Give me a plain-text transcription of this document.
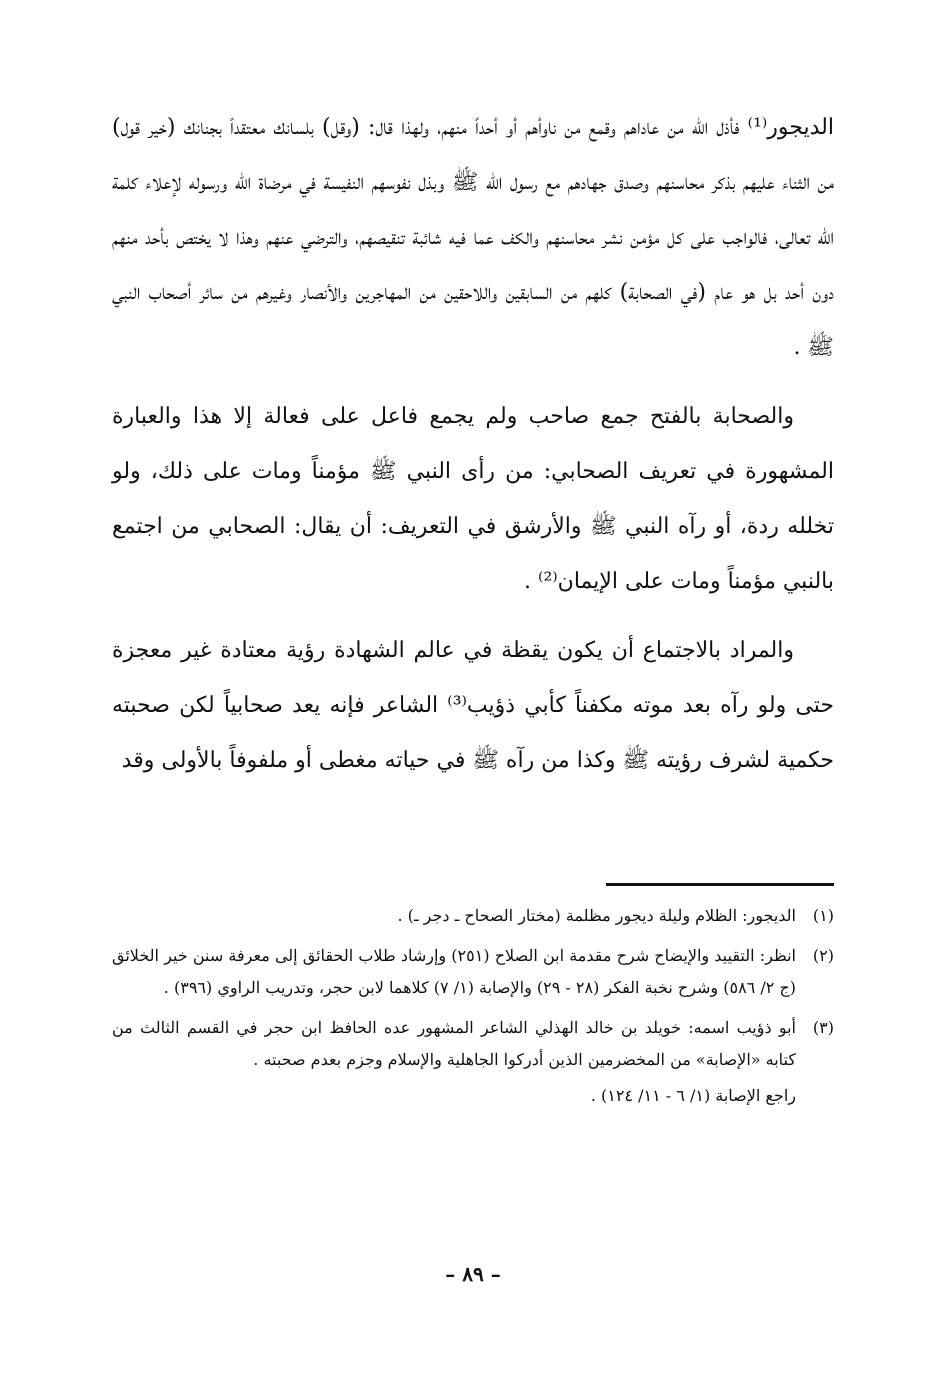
الديجور⁽¹⁾ فأذل الله من عاداهم وقمع من ناوأهم أو أحداً منهم، ولهذا قال: (وقل) بلسانك معتقداً بجنانك (خير قول) من الثناء عليهم بذكر محاسنهم وصدق جهادهم مع رسول الله ﷺ وبذل نفوسهم النفيسة في مرضاة الله ورسوله لإعلاء كلمة الله تعالى، فالواجب على كل مؤمن نشر محاسنهم والكف عما فيه شائبة تنقيصهم، والترضي عنهم وهذا لا يختص بأحد منهم دون أحد بل هو عام (في الصحابة) كلهم من السابقين واللاحقين من المهاجرين والأنصار وغيرهم من سائر أصحاب النبي ﷺ .

والصحابة بالفتح جمع صاحب ولم يجمع فاعل على فعالة إلا هذا والعبارة المشهورة في تعريف الصحابي: من رأى النبي ﷺ مؤمناً ومات على ذلك، ولو تخلله ردة، أو رآه النبي ﷺ والأرشق في التعريف: أن يقال: الصحابي من اجتمع بالنبي مؤمناً ومات على الإيمان⁽²⁾ .

والمراد بالاجتماع أن يكون يقظة في عالم الشهادة رؤية معتادة غير معجزة حتى ولو رآه بعد موته مكفناً كأبي ذؤيب⁽³⁾ الشاعر فإنه يعد صحابياً لكن صحبته حكمية لشرف رؤيته ﷺ وكذا من رآه ﷺ في حياته مغطى أو ملفوفاً بالأولى وقد

(١)
الديجور: الظلام وليلة ديجور مظلمة (مختار الصحاح ـ دجر ـ) .
(٢)
انظر: التقييد والإيضاح شرح مقدمة ابن الصلاح (٢٥١) وإرشاد طلاب الحقائق إلى معرفة سنن خير الخلائق (ج ٢/ ٥٨٦) وشرح نخبة الفكر (٢٨ - ٢٩) والإصابة (١/ ٧) كلاهما لابن حجر، وتدريب الراوي (٣٩٦) .
(٣)
أبو ذؤيب اسمه: خويلد بن خالد الهذلي الشاعر المشهور عده الحافظ ابن حجر في القسم الثالث من كتابه «الإصابة» من المخضرمين الذين أدركوا الجاهلية والإسلام وجزم بعدم صحبته .
راجع الإصابة (١/ ٦ - ١١/ ١٢٤) .
– ٨٩ –
